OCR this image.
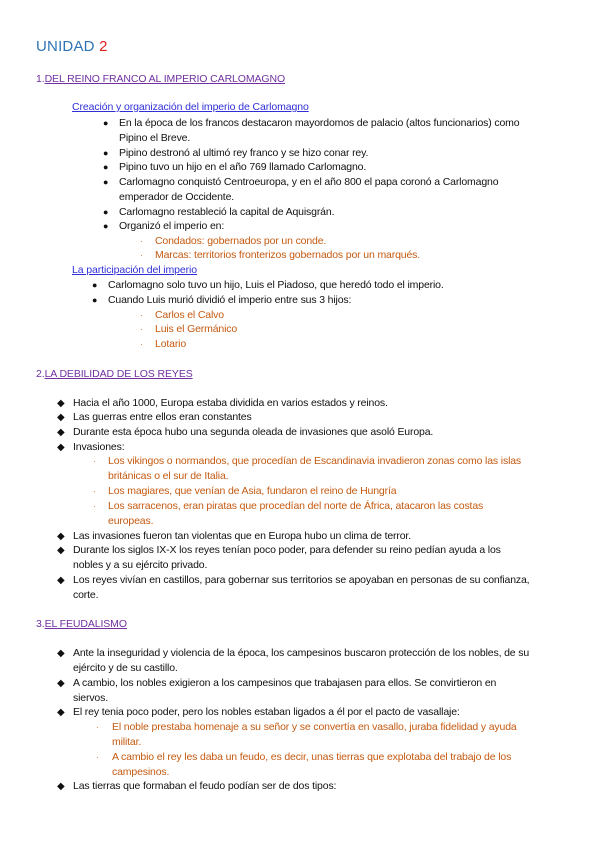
UNIDAD 2
1.DEL REINO FRANCO AL IMPERIO CARLOMAGNO
Creación y organización del imperio de Carlomagno
● En la época de los francos destacaron mayordomos de palacio (altos funcionarios) como
Pipino el Breve.
● Pipino destronó al ultimó rey franco y se hizo conar rey.
● Pipino tuvo un hijo en el año 769 llamado Carlomagno.
● Carlomagno conquistó Centroeuropa, y en el año 800 el papa coronó a Carlomagno
emperador de Occidente.
● Carlomagno restableció la capital de Aquisgrán.
● Organizó el imperio en:
· Condados: gobernados por un conde.
· Marcas: territorios fronterizos gobernados por un marqués.
La participación del imperio
● Carlomagno solo tuvo un hijo, Luis el Piadoso, que heredó todo el imperio.
● Cuando Luis murió dividió el imperio entre sus 3 hijos:
· Carlos el Calvo
· Luis el Germánico
· Lotario
2.LA DEBILIDAD DE LOS REYES
◆ Hacia el año 1000, Europa estaba dividida en varios estados y reinos.
◆ Las guerras entre ellos eran constantes
◆ Durante esta época hubo una segunda oleada de invasiones que asoló Europa.
◆ Invasiones:
· Los vikingos o normandos, que procedían de Escandinavia invadieron zonas como las islas
británicas o el sur de Italia.
· Los magiares, que venían de Asia, fundaron el reino de Hungría
· Los sarracenos, eran piratas que procedían del norte de África, atacaron las costas
europeas.
◆ Las invasiones fueron tan violentas que en Europa hubo un clima de terror.
◆ Durante los siglos IX-X los reyes tenían poco poder, para defender su reino pedían ayuda a los
nobles y a su ejército privado.
◆ Los reyes vivían en castillos, para gobernar sus territorios se apoyaban en personas de su confianza,
corte.
3.EL FEUDALISMO
◆ Ante la inseguridad y violencia de la época, los campesinos buscaron protección de los nobles, de su
ejército y de su castillo.
◆ A cambio, los nobles exigieron a los campesinos que trabajasen para ellos. Se convirtieron en
siervos.
◆ El rey tenia poco poder, pero los nobles estaban ligados a él por el pacto de vasallaje:
· El noble prestaba homenaje a su señor y se convertía en vasallo, juraba fidelidad y ayuda
militar.
· A cambio el rey les daba un feudo, es decir, unas tierras que explotaba del trabajo de los
campesinos.
◆ Las tierras que formaban el feudo podían ser de dos tipos:
